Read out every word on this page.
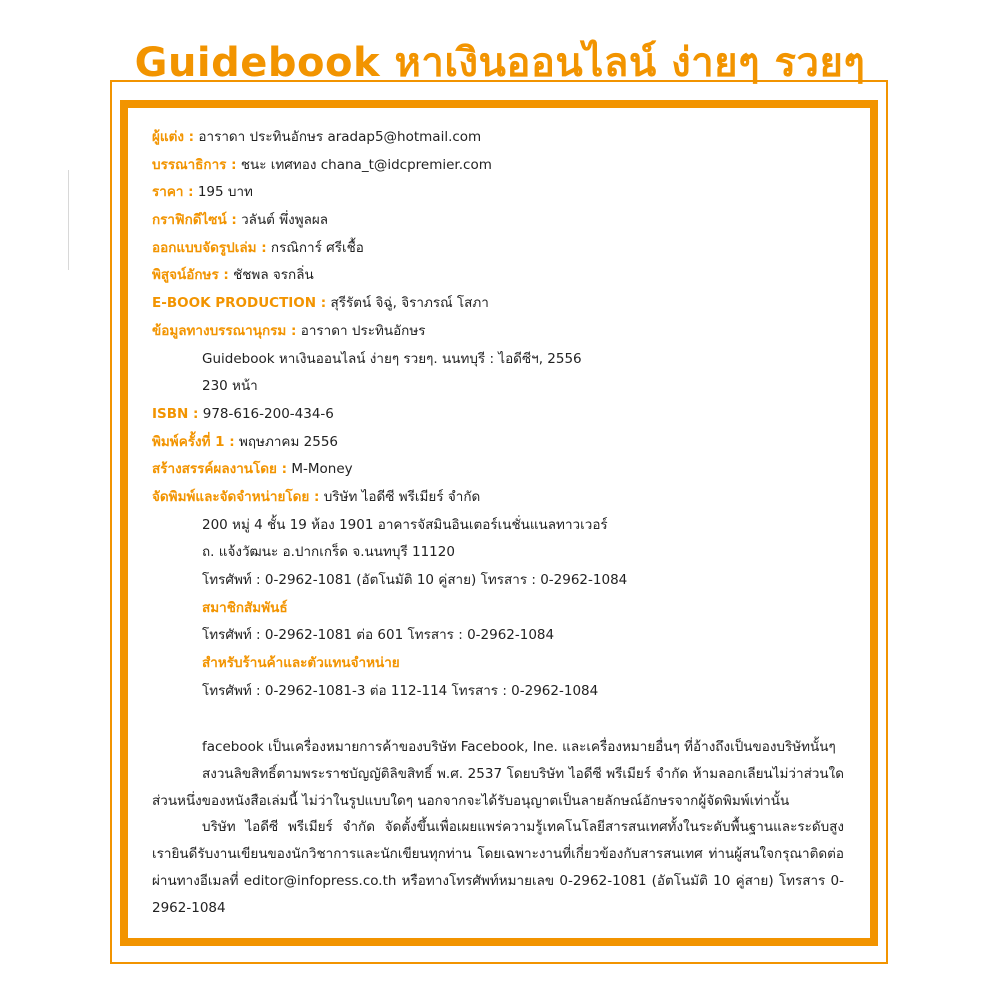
Guidebook หาเงินออนไลน์ ง่ายๆ รวยๆ
ผู้แต่ง : อาราดา ประทินอักษร aradap5@hotmail.com
บรรณาธิการ : ชนะ เทศทอง chana_t@idcpremier.com
ราคา : 195 บาท
กราฟิกดีไซน์ : วลันต์ พึ่งพูลผล
ออกแบบจัดรูปเล่ม : กรณิการ์ ศรีเชื้อ
พิสูจน์อักษร : ชัชพล จรกลิ่น
E-BOOK PRODUCTION : สุรีรัตน์ จิฉู่, จิราภรณ์ โสภา
ข้อมูลทางบรรณานุกรม : อาราดา ประทินอักษร
Guidebook หาเงินออนไลน์ ง่ายๆ รวยๆ. นนทบุรี : ไอดีซีฯ, 2556
230 หน้า
ISBN : 978-616-200-434-6
พิมพ์ครั้งที่ 1 : พฤษภาคม 2556
สร้างสรรค์ผลงานโดย : M-Money
จัดพิมพ์และจัดจำหน่ายโดย : บริษัท ไอดีซี พรีเมียร์ จำกัด
200 หมู่ 4 ชั้น 19 ห้อง 1901 อาคารจัสมินอินเตอร์เนชั่นแนลทาวเวอร์
ถ. แจ้งวัฒนะ อ.ปากเกร็ด จ.นนทบุรี 11120
โทรศัพท์ : 0-2962-1081 (อัตโนมัติ 10 คู่สาย) โทรสาร : 0-2962-1084
สมาชิกสัมพันธ์
โทรศัพท์ : 0-2962-1081 ต่อ 601 โทรสาร : 0-2962-1084
สำหรับร้านค้าและตัวแทนจำหน่าย
โทรศัพท์ : 0-2962-1081-3 ต่อ 112-114 โทรสาร : 0-2962-1084

facebook เป็นเครื่องหมายการค้าของบริษัท Facebook, Ine. และเครื่องหมายอื่นๆ ที่อ้างถึงเป็นของบริษัทนั้นๆ

สงวนลิขสิทธิ์ตามพระราชบัญญัติลิขสิทธิ์ พ.ศ. 2537 โดยบริษัท ไอดีซี พรีเมียร์ จำกัด ห้ามลอกเลียนไม่ว่าส่วนใดส่วนหนึ่งของหนังสือเล่มนี้ ไม่ว่าในรูปแบบใดๆ นอกจากจะได้รับอนุญาตเป็นลายลักษณ์อักษรจากผู้จัดพิมพ์เท่านั้น

บริษัท ไอดีซี พรีเมียร์ จำกัด จัดตั้งขึ้นเพื่อเผยแพร่ความรู้เทคโนโลยีสารสนเทศทั้งในระดับพื้นฐานและระดับสูง เรายินดีรับงานเขียนของนักวิชาการและนักเขียนทุกท่าน โดยเฉพาะงานที่เกี่ยวข้องกับสารสนเทศ ท่านผู้สนใจกรุณาติดต่อผ่านทางอีเมลที่ editor@infopress.co.th หรือทางโทรศัพท์หมายเลข 0-2962-1081 (อัตโนมัติ 10 คู่สาย) โทรสาร 0-2962-1084
